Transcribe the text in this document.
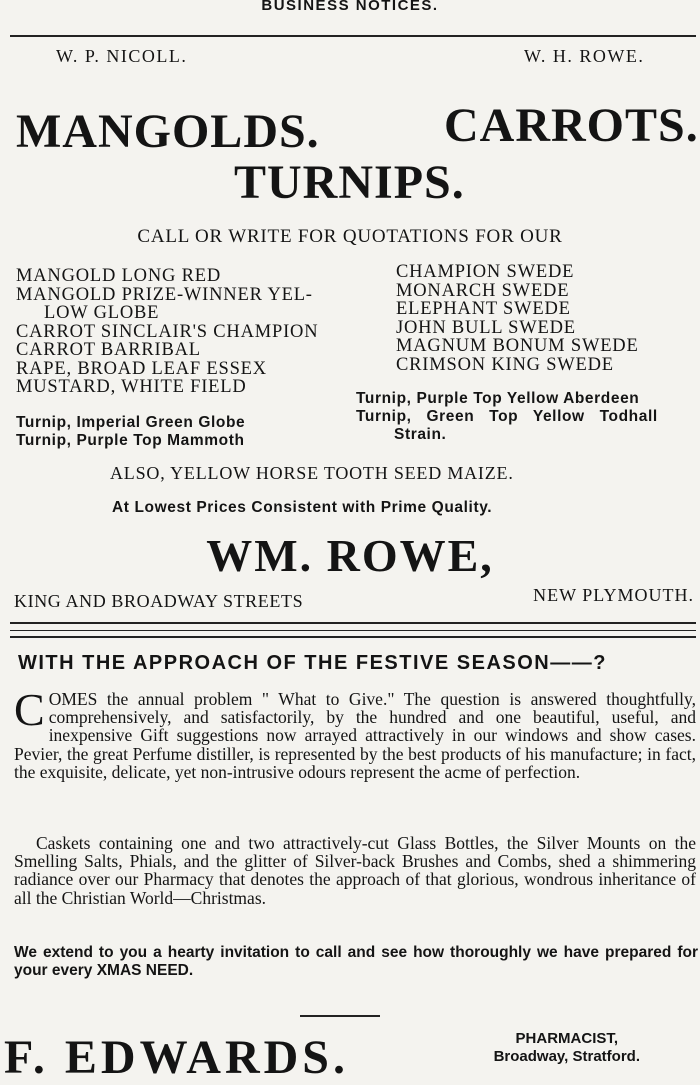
BUSINESS NOTICES.
W. P. NICOLL.	W. H. ROWE.
MANGOLDS.	CARROTS.
TURNIPS.
CALL OR WRITE FOR QUOTATIONS FOR OUR
MANGOLD LONG RED
MANGOLD PRIZE-WINNER YEL-
LOW GLOBE
CARROT SINCLAIR'S CHAMPION
CARROT BARRIBAL
RAPE, BROAD LEAF ESSEX
MUSTARD, WHITE FIELD
CHAMPION SWEDE
MONARCH SWEDE
ELEPHANT SWEDE
JOHN BULL SWEDE
MAGNUM BONUM SWEDE
CRIMSON KING SWEDE
Turnip, Imperial Green Globe
Turnip, Purple Top Mammoth
Turnip, Purple Top Yellow Aberdeen
Turnip, Green Top Yellow Todhall
Strain.
ALSO, YELLOW HORSE TOOTH SEED MAIZE.
At Lowest Prices Consistent with Prime Quality.
WM. ROWE,
KING AND BROADWAY STREETS	NEW PLYMOUTH.
WITH THE APPROACH OF THE FESTIVE SEASON——?

COMES the annual problem " What to Give." The question is answered thoughtfully, comprehensively, and satisfactorily, by the hundred and one beautiful, useful, and inexpensive Gift suggestions now arrayed attractively in our windows and show cases. Pevier, the great Perfume distiller, is represented by the best products of his manufacture; in fact, the exquisite, delicate, yet non-intrusive odours represent the acme of perfection.

Caskets containing one and two attractively-cut Glass Bottles, the Silver Mounts on the Smelling Salts, Phials, and the glitter of Silver-back Brushes and Combs, shed a shimmering radiance over our Pharmacy that denotes the approach of that glorious, wondrous inheritance of all the Christian World—Christmas.

We extend to you a hearty invitation to call and see how thoroughly we have prepared for your every XMAS NEED.
F. EDWARDS.	PHARMACIST,
Broadway, Stratford.
